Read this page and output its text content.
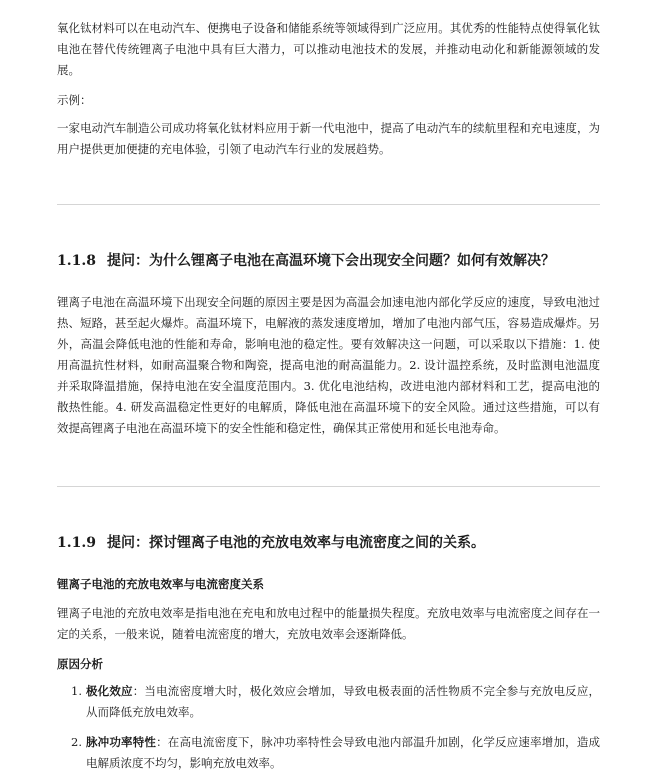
氧化钛材料可以在电动汽车、便携电子设备和储能系统等领域得到广泛应用。其优秀的性能特点使得氧化钛电池在替代传统锂离子电池中具有巨大潜力，可以推动电池技术的发展，并推动电动化和新能源领域的发展。

示例：

一家电动汽车制造公司成功将氧化钛材料应用于新一代电池中，提高了电动汽车的续航里程和充电速度，为用户提供更加便捷的充电体验，引领了电动汽车行业的发展趋势。

1.1.8 提问：为什么锂离子电池在高温环境下会出现安全问题？如何有效解决？

锂离子电池在高温环境下出现安全问题的原因主要是因为高温会加速电池内部化学反应的速度，导致电池过热、短路，甚至起火爆炸。高温环境下，电解液的蒸发速度增加，增加了电池内部气压，容易造成爆炸。另外，高温会降低电池的性能和寿命，影响电池的稳定性。要有效解决这一问题，可以采取以下措施：1. 使用高温抗性材料，如耐高温聚合物和陶瓷，提高电池的耐高温能力。2. 设计温控系统，及时监测电池温度并采取降温措施，保持电池在安全温度范围内。3. 优化电池结构，改进电池内部材料和工艺，提高电池的散热性能。4. 研发高温稳定性更好的电解质，降低电池在高温环境下的安全风险。通过这些措施，可以有效提高锂离子电池在高温环境下的安全性能和稳定性，确保其正常使用和延长电池寿命。

1.1.9 提问：探讨锂离子电池的充放电效率与电流密度之间的关系。
锂离子电池的充放电效率与电流密度关系

锂离子电池的充放电效率是指电池在充电和放电过程中的能量损失程度。充放电效率与电流密度之间存在一定的关系，一般来说，随着电流密度的增大，充放电效率会逐渐降低。

原因分析
1. 极化效应：当电流密度增大时，极化效应会增加，导致电极表面的活性物质不完全参与充放电反应，从而降低充放电效率。
2. 脉冲功率特性：在高电流密度下，脉冲功率特性会导致电池内部温升加剧，化学反应速率增加，造成电解质浓度不均匀，影响充放电效率。
